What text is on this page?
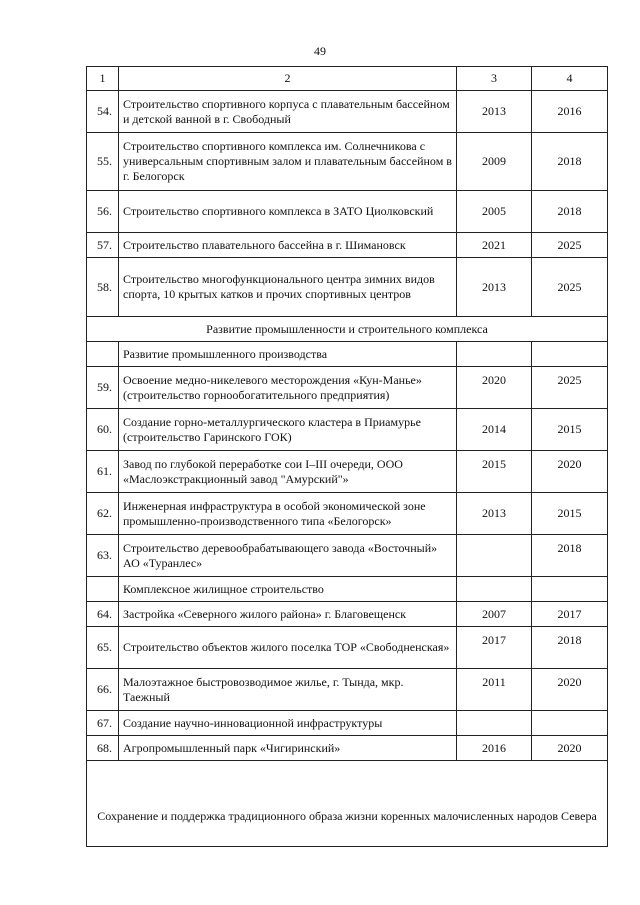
49
1	2	3	4
54.	Строительство спортивного корпуса с плавательным бассейном и детской ванной в г. Свободный	2013	2016
55.	Строительство спортивного комплекса им. Солнечникова с универсальным спортивным залом и плавательным бассейном в г. Белогорск	2009	2018
56.	Строительство спортивного комплекса в ЗАТО Циолковский	2005	2018
57.	Строительство плавательного бассейна в г. Шимановск	2021	2025
58.	Строительство многофункционального центра зимних видов спорта, 10 крытых катков и прочих спортивных центров	2013	2025
Развитие промышленности и строительного комплекса			
	Развитие промышленного производства		
59.	Освоение медно-никелевого месторождения «Кун-Манье» (строительство горнообогатительного предприятия)	2020	2025
60.	Создание горно-металлургического кластера в Приамурье (строительство Гаринского ГОК)	2014	2015
61.	Завод по глубокой переработке сои I–III очереди, ООО «Маслоэкстракционный завод "Амурский"»	2015	2020
62.	Инженерная инфраструктура в особой экономической зоне промышленно-производственного типа «Белогорск»	2013	2015
63.	Строительство деревообрабатывающего завода «Восточный» АО «Туранлес»		2018
	Комплексное жилищное строительство		
64.	Застройка «Северного жилого района» г. Благовещенск	2007	2017
65.	Строительство объектов жилого поселка ТОР «Свободненская»	2017	2018
66.	Малоэтажное быстровозводимое жилье, г. Тында, мкр. Таежный	2011	2020
67.	Создание научно-инновационной инфраструктуры		
68.	Агропромышленный парк «Чигиринский»	2016	2020
Сохранение и поддержка традиционного образа жизни коренных малочисленных народов Севера			
